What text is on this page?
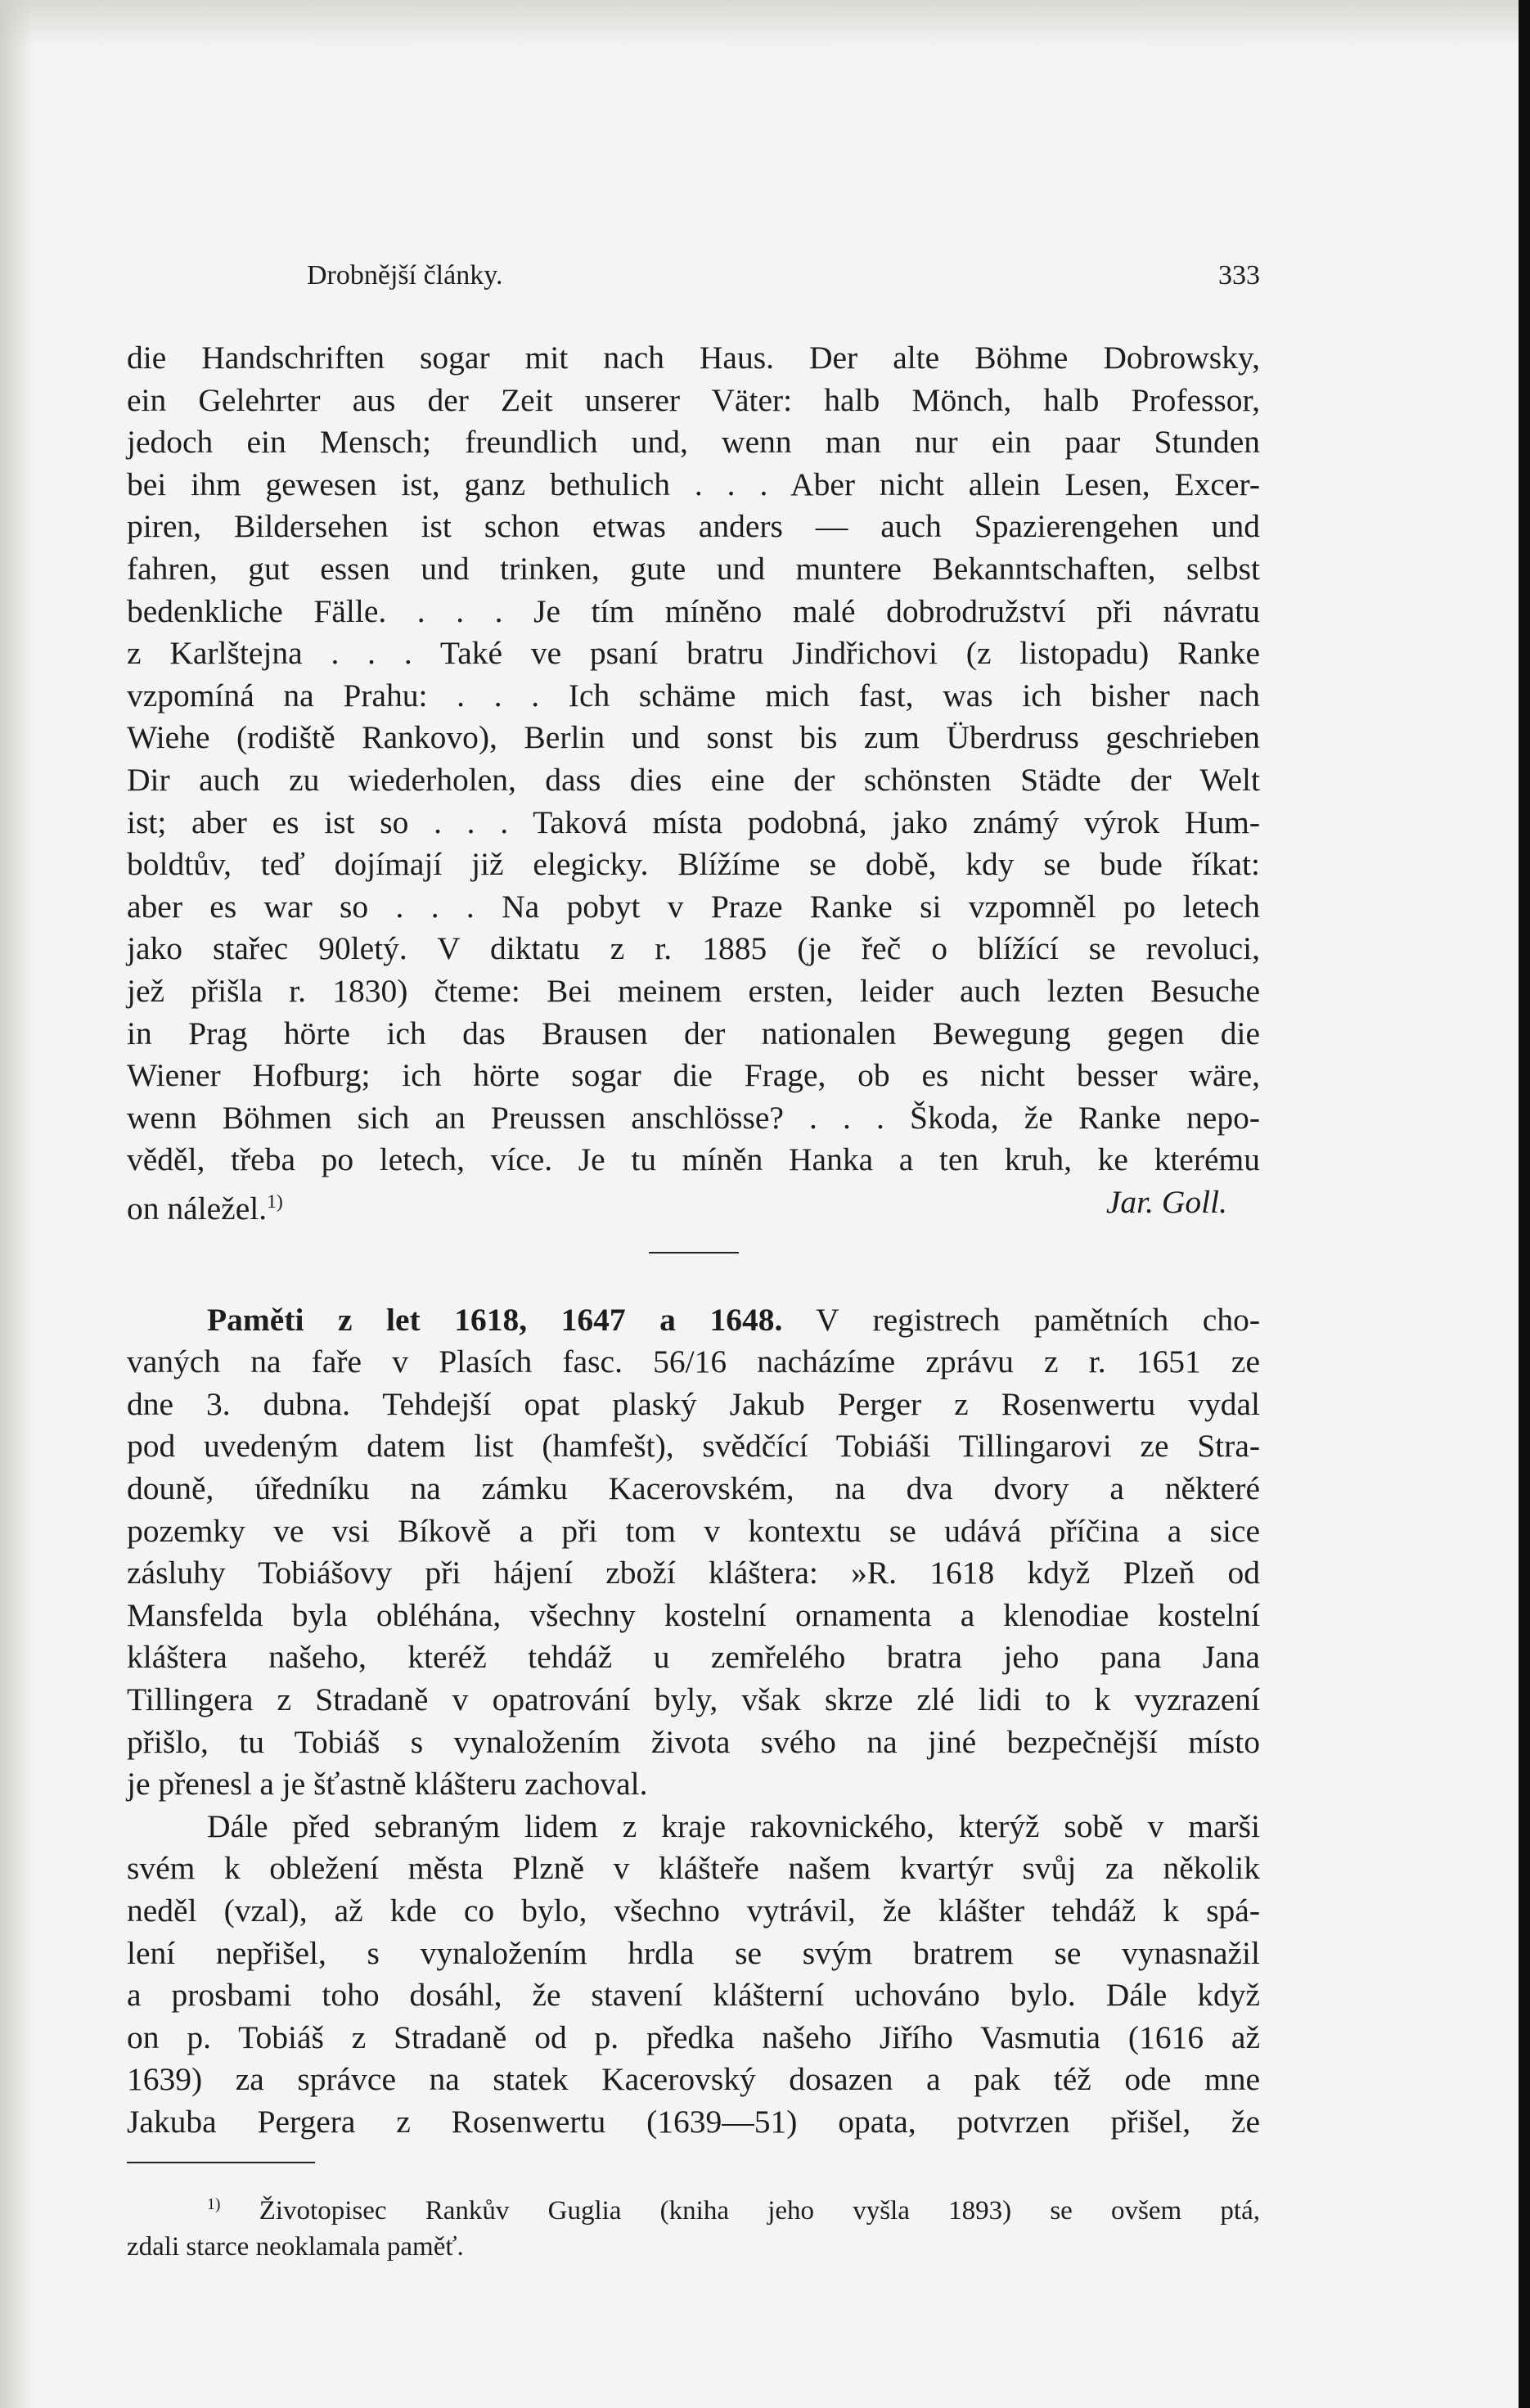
Drobnější články.	333

die Handschriften sogar mit nach Haus. Der alte Böhme Dobrowsky,
ein Gelehrter aus der Zeit unserer Väter: halb Mönch, halb Professor,
jedoch ein Mensch; freundlich und, wenn man nur ein paar Stunden
bei ihm gewesen ist, ganz bethulich . . . Aber nicht allein Lesen, Excer-
piren, Bildersehen ist schon etwas anders — auch Spazierengehen und
fahren, gut essen und trinken, gute und muntere Bekanntschaften, selbst
bedenkliche Fälle. . . . Je tím míněno malé dobrodružství při návratu
z Karlštejna . . . Také ve psaní bratru Jindřichovi (z listopadu) Ranke
vzpomíná na Prahu: . . . Ich schäme mich fast, was ich bisher nach
Wiehe (rodiště Rankovo), Berlin und sonst bis zum Überdruss geschrieben
Dir auch zu wiederholen, dass dies eine der schönsten Städte der Welt
ist; aber es ist so . . . Taková místa podobná, jako známý výrok Hum-
boldtův, teď dojímají již elegicky. Blížíme se době, kdy se bude říkat:
aber es war so . . . Na pobyt v Praze Ranke si vzpomněl po letech
jako stařec 90letý. V diktatu z r. 1885 (je řeč o blížící se revoluci,
jež přišla r. 1830) čteme: Bei meinem ersten, leider auch lezten Besuche
in Prag hörte ich das Brausen der nationalen Bewegung gegen die
Wiener Hofburg; ich hörte sogar die Frage, ob es nicht besser wäre,
wenn Böhmen sich an Preussen anschlösse? . . . Škoda, že Ranke nepo-
věděl, třeba po letech, více. Je tu míněn Hanka a ten kruh, ke kterému
on náležel.$^{1)}$	Jar. Goll.

Paměti z let 1618, 1647 a 1648. V registrech pamětních cho-

vaných na faře v Plasích fasc. 56/16 nacházíme zprávu z r. 1651 ze
dne 3. dubna. Tehdejší opat plaský Jakub Perger z Rosenwertu vydal
pod uvedeným datem list (hamfešt), svědčící Tobiáši Tillingarovi ze Stra-
douně, úředníku na zámku Kacerovském, na dva dvory a některé
pozemky ve vsi Bíkově a při tom v kontextu se udává příčina a sice
zásluhy Tobiášovy při hájení zboží kláštera: »R. 1618 když Plzeň od
Mansfelda byla obléhána, všechny kostelní ornamenta a klenodiae kostelní
kláštera našeho, kteréž tehdáž u zemřelého bratra jeho pana Jana
Tillingera z Stradaně v opatrování byly, však skrze zlé lidi to k vyzrazení
přišlo, tu Tobiáš s vynaložením života svého na jiné bezpečnější místo
je přenesl a je šťastně klášteru zachoval.

Dále před sebraným lidem z kraje rakovnického, kterýž sobě v marši
svém k obležení města Plzně v klášteře našem kvartýr svůj za několik
neděl (vzal), až kde co bylo, všechno vytrávil, že klášter tehdáž k spá-
lení nepřišel, s vynaložením hrdla se svým bratrem se vynasnažil
a prosbami toho dosáhl, že stavení klášterní uchováno bylo. Dále když
on p. Tobiáš z Stradaně od p. předka našeho Jiřího Vasmutia (1616 až
1639) za správce na statek Kacerovský dosazen a pak též ode mne
Jakuba Pergera z Rosenwertu (1639—51) opata, potvrzen přišel, že

$^{1)}$ Životopisec Rankův Guglia (kniha jeho vyšla 1893) se ovšem ptá,
zdali starce neoklamala paměť.
